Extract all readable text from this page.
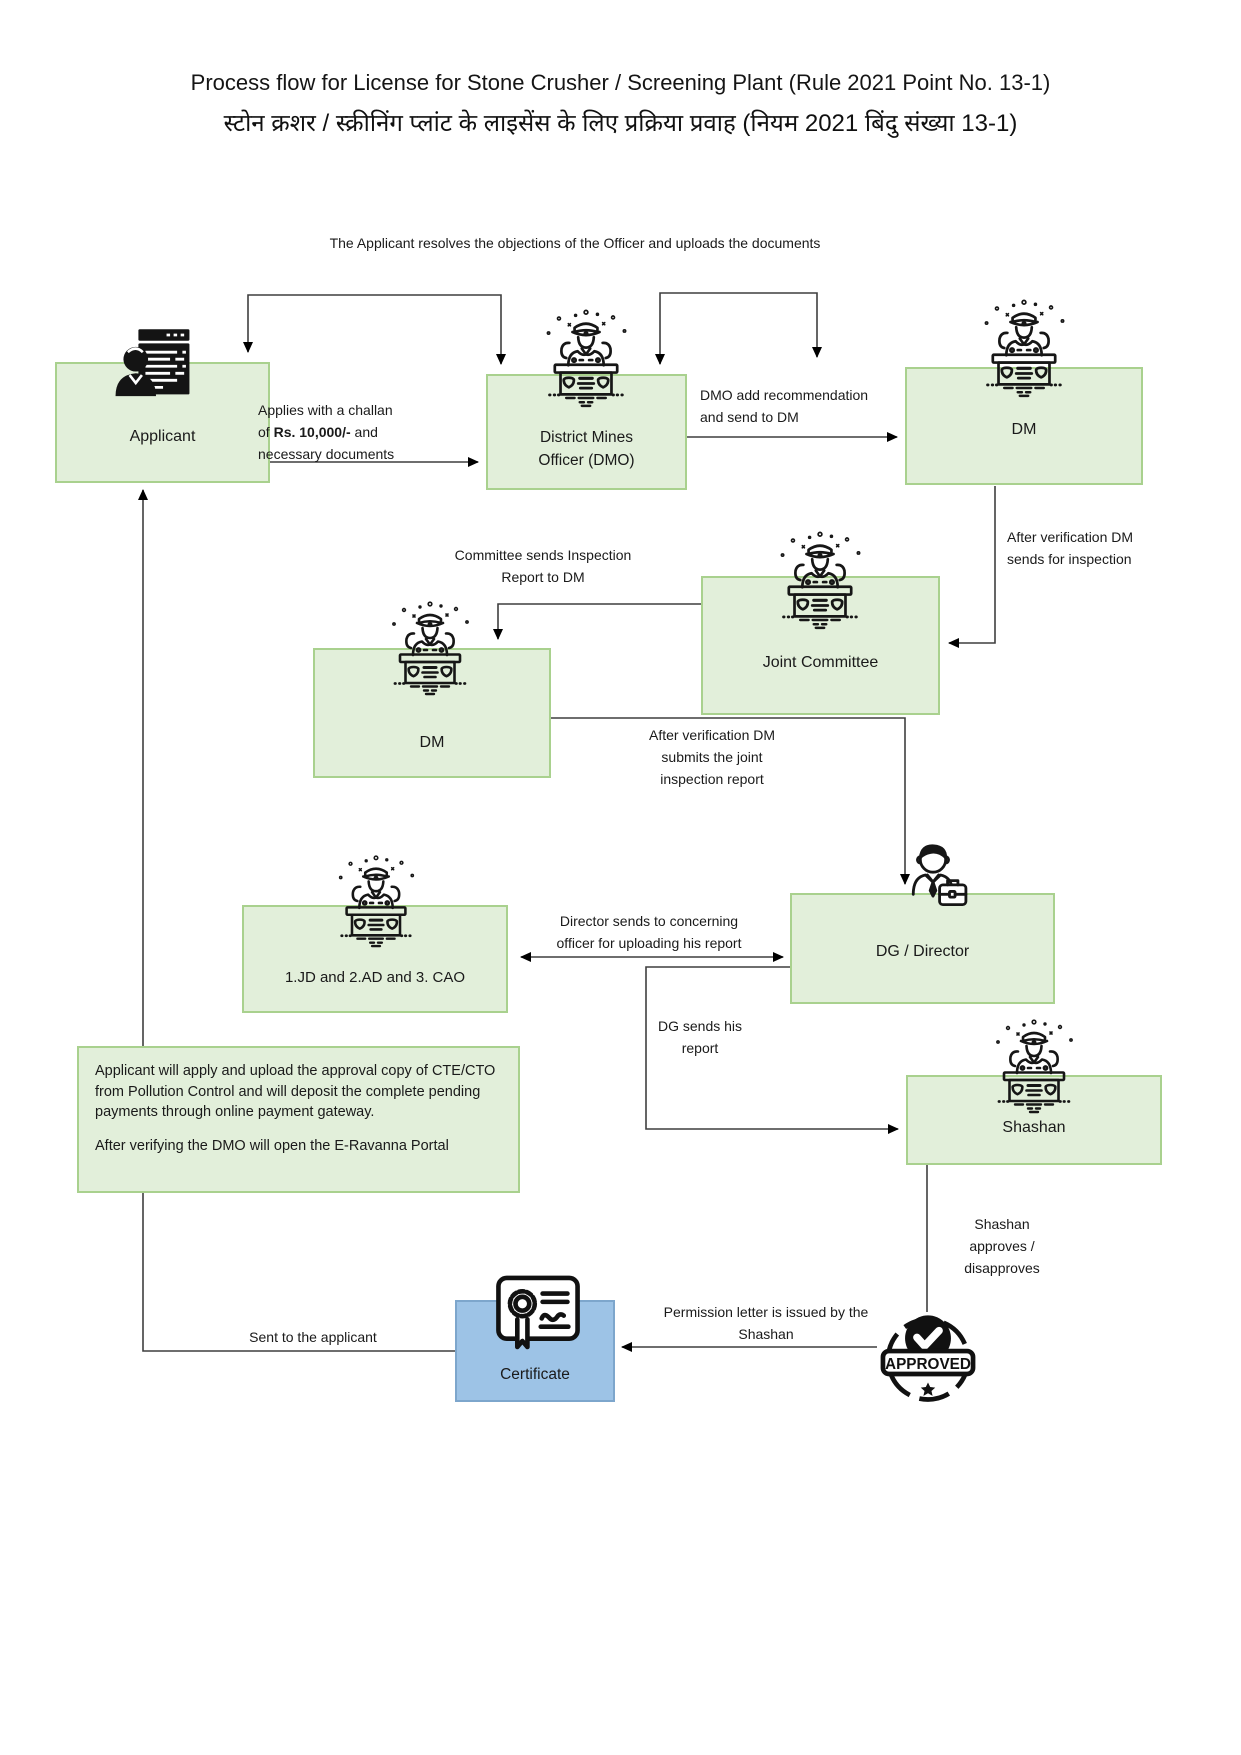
Process flow for License for Stone Crusher / Screening Plant (Rule 2021 Point No. 13-1)
स्टोन क्रशर / स्क्रीनिंग प्लांट के लाइसेंस के लिए प्रक्रिया प्रवाह (नियम 2021 बिंदु संख्या 13-1)
Applicant	District Mines
Officer (DMO)
DM
Joint Committee
DM
1.JD and 2.AD and 3. CAO
DG / Director
Shashan

Applicant will apply and upload the approval copy of CTE/CTO from Pollution Control and will deposit the complete pending payments through online payment gateway.

After verifying the DMO will open the E-Ravanna Portal

Certificate
APPROVED
The Applicant resolves the objections of the Officer and uploads the documents
Applies with a challan
of Rs. 10,000/- and
necessary documents
DMO add recommendation
and send to DM
After verification DM
sends for inspection
Committee sends Inspection
Report to DM
After verification DM
submits the joint
inspection report
Director sends to concerning
officer for uploading his report
DG sends his
report
Shashan
approves /
disapproves
Permission letter is issued by the
Shashan
Sent to the applicant
